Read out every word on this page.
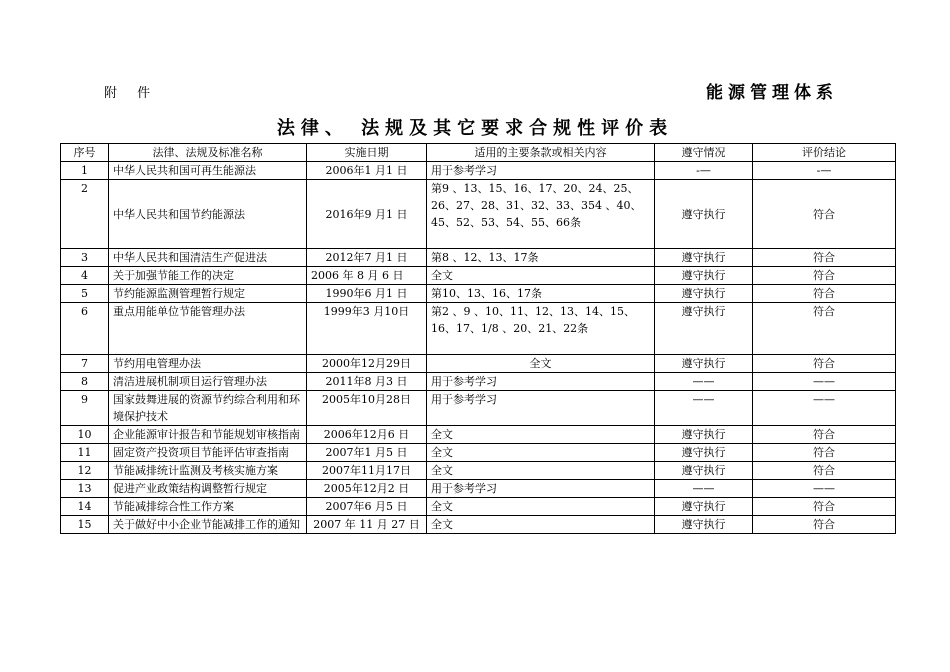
附 件	能源管理体系
法律、 法规及其它要求合规性评价表
序号	法律、法规及标准名称	实施日期	适用的主要条款或相关内容	遵守情况	评价结论
1	中华人民共和国可再生能源法	2006年1 月1 日	用于参考学习	-—	-—
2	中华人民共和国节约能源法	2016年9 月1 日	第9 、13、15、16、17、20、24、25、26、27、28、31、32、33、354 、40、45、52、53、54、55、66条	遵守执行	符合
3	中华人民共和国清洁生产促进法	2012年7 月1 日	第8 、12、13、17条	遵守执行	符合
4	关于加强节能工作的决定	2006 年 8 月 6 日	全文	遵守执行	符合
5	节约能源监测管理暂行规定	1990年6 月1 日	第10、13、16、17条	遵守执行	符合
6	重点用能单位节能管理办法	1999年3 月10日	第2 、9 、10、11、12、13、14、15、16、17、1/8 、20、21、22条	遵守执行	符合
7	节约用电管理办法	2000年12月29日	全文	遵守执行	符合
8	清洁进展机制项目运行管理办法	2011年8 月3 日	用于参考学习	——	——
9	国家鼓舞进展的资源节约综合利用和环境保护技术	2005年10月28日	用于参考学习	——	——
10	企业能源审计报告和节能规划审核指南	2006年12月6 日	全文	遵守执行	符合
11	固定资产投资项目节能评估审查指南	2007年1 月5 日	全文	遵守执行	符合
12	节能减排统计监测及考核实施方案	2007年11月17日	全文	遵守执行	符合
13	促进产业政策结构调整暂行规定	2005年12月2 日	用于参考学习	——	——
14	节能减排综合性工作方案	2007年6 月5 日	全文	遵守执行	符合
15	关于做好中小企业节能减排工作的通知	2007 年 11 月 27 日	全文	遵守执行	符合
